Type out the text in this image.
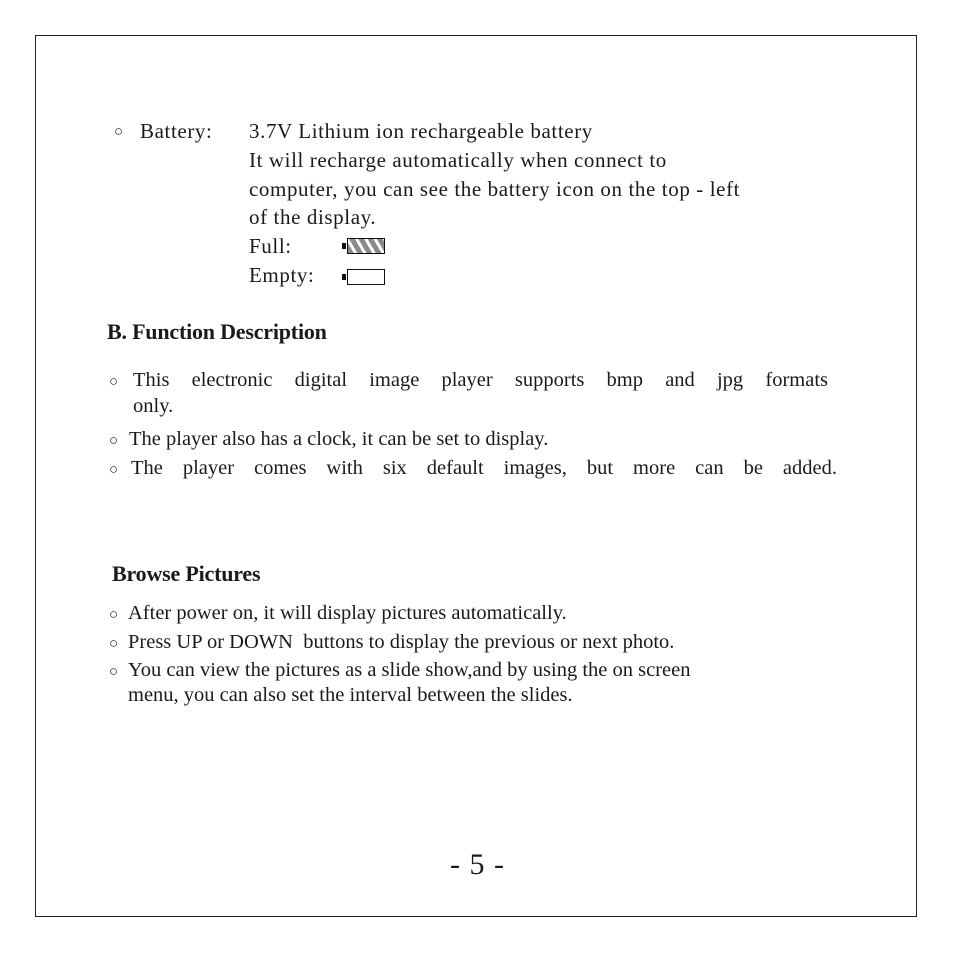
○ Battery: 3.7V Lithium ion rechargeable battery
It will recharge automatically when connect to
computer, you can see the battery icon on the top - left
of the display.
Full:
Empty:
B. Function Description
○ This electronic digital image player supports bmp and jpg formats
only.
○ The player also has a clock, it can be set to display.
○ The player comes with six default images, but more can be added.
Browse Pictures
○ After power on, it will display pictures automatically.
○ Press UP or DOWN  buttons to display the previous or next photo.
○ You can view the pictures as a slide show,and by using the on screen
menu, you can also set the interval between the slides.
- 5 -
